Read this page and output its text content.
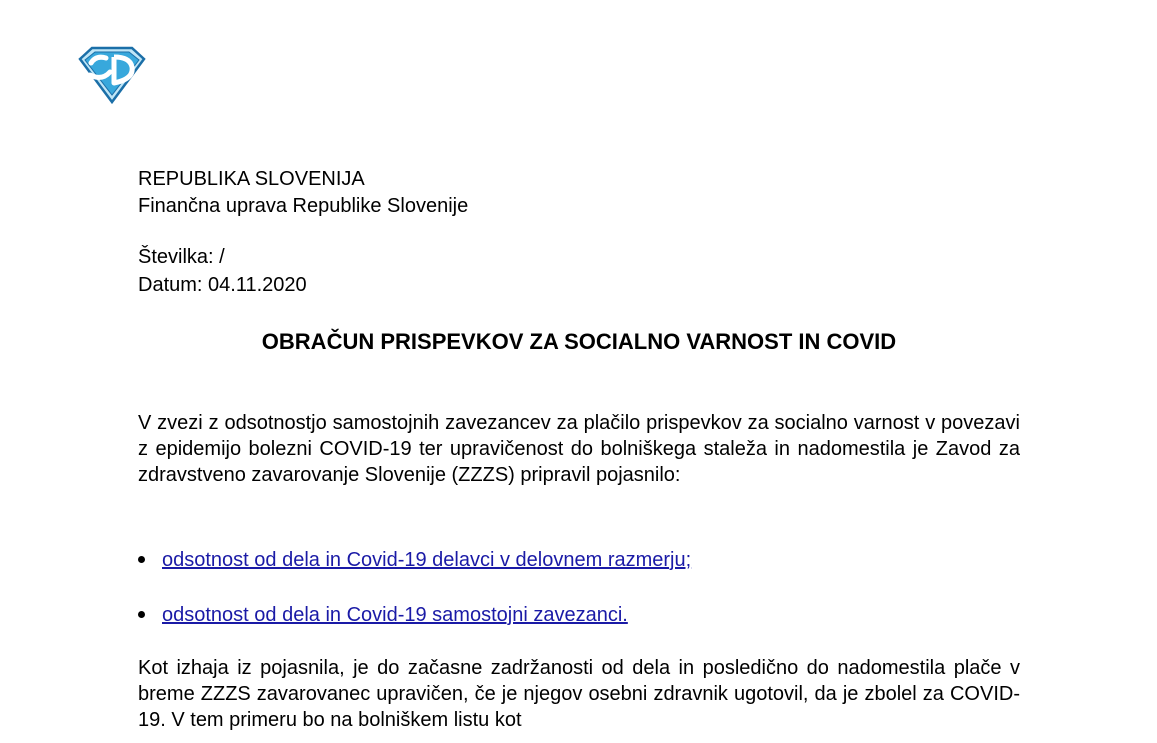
REPUBLIKA SLOVENIJA
Finančna uprava Republike Slovenije
Številka: /
Datum: 04.11.2020
OBRAČUN PRISPEVKOV ZA SOCIALNO VARNOST IN COVID
V zvezi z odsotnostjo samostojnih zavezancev za plačilo prispevkov za socialno varnost v povezavi z epidemijo bolezni COVID-19 ter upravičenost do bolniškega staleža in nadomestila je Zavod za zdravstveno zavarovanje Slovenije (ZZZS) pripravil pojasnilo:
odsotnost od dela in Covid-19 delavci v delovnem razmerju;
odsotnost od dela in Covid-19 samostojni zavezanci.
Kot izhaja iz pojasnila, je do začasne zadržanosti od dela in posledično do nadomestila plače v breme ZZZS zavarovanec upravičen, če je njegov osebni zdravnik ugotovil, da je zbolel za COVID-19. V tem primeru bo na bolniškem listu kot
